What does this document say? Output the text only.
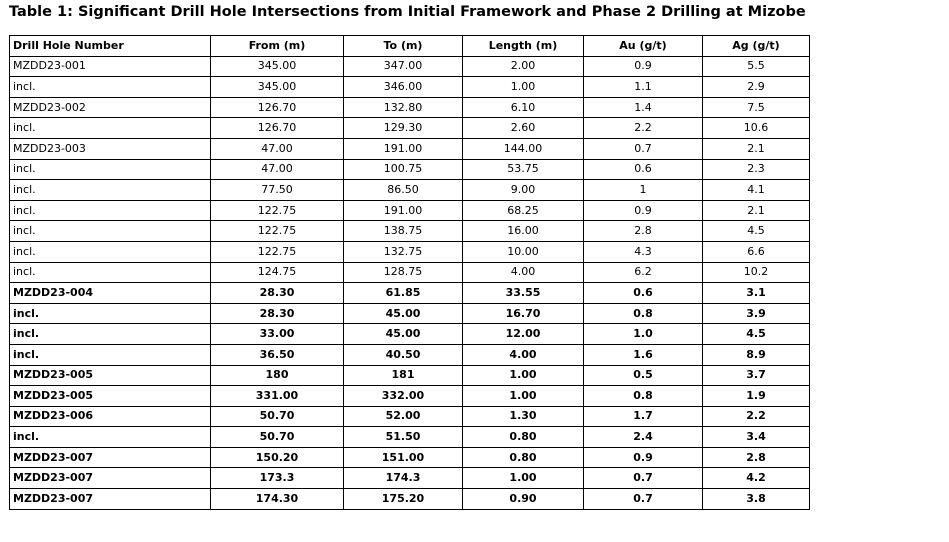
Table 1: Significant Drill Hole Intersections from Initial Framework and Phase 2 Drilling at Mizobe
Drill Hole Number	From (m)	To (m)	Length (m)	Au (g/t)	Ag (g/t)
MZDD23-001	345.00	347.00	2.00	0.9	5.5
incl.	345.00	346.00	1.00	1.1	2.9
MZDD23-002	126.70	132.80	6.10	1.4	7.5
incl.	126.70	129.30	2.60	2.2	10.6
MZDD23-003	47.00	191.00	144.00	0.7	2.1
incl.	47.00	100.75	53.75	0.6	2.3
incl.	77.50	86.50	9.00	1	4.1
incl.	122.75	191.00	68.25	0.9	2.1
incl.	122.75	138.75	16.00	2.8	4.5
incl.	122.75	132.75	10.00	4.3	6.6
incl.	124.75	128.75	4.00	6.2	10.2
MZDD23-004	28.30	61.85	33.55	0.6	3.1
incl.	28.30	45.00	16.70	0.8	3.9
incl.	33.00	45.00	12.00	1.0	4.5
incl.	36.50	40.50	4.00	1.6	8.9
MZDD23-005	180	181	1.00	0.5	3.7
MZDD23-005	331.00	332.00	1.00	0.8	1.9
MZDD23-006	50.70	52.00	1.30	1.7	2.2
incl.	50.70	51.50	0.80	2.4	3.4
MZDD23-007	150.20	151.00	0.80	0.9	2.8
MZDD23-007	173.3	174.3	1.00	0.7	4.2
MZDD23-007	174.30	175.20	0.90	0.7	3.8
